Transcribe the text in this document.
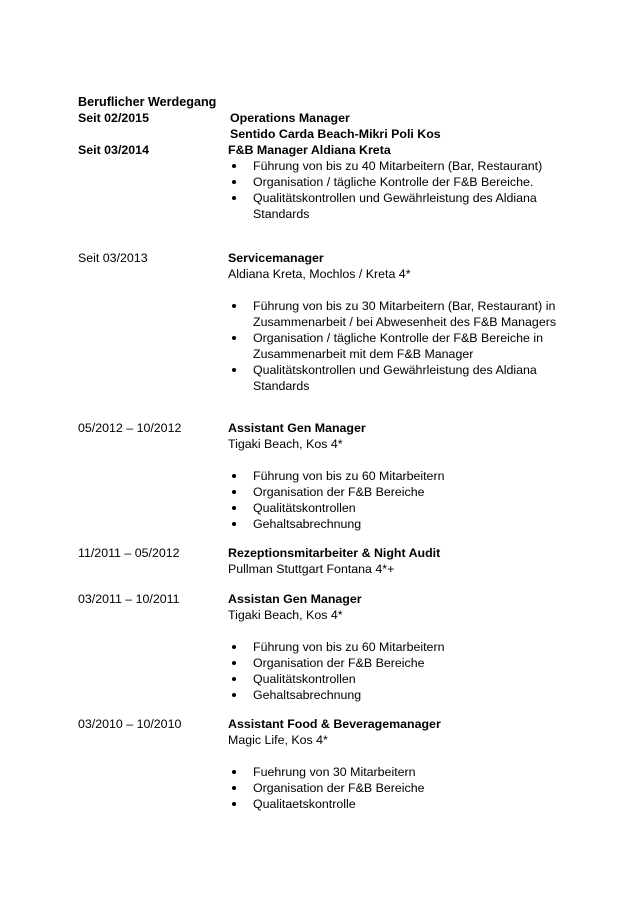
Beruflicher Werdegang
Seit 02/2015	Operations Manager
Sentido Carda Beach-Mikri Poli Kos
Seit 03/2014	F&B Manager Aldiana Kreta
Führung von bis zu 40 Mitarbeitern (Bar, Restaurant)
Organisation / tägliche Kontrolle der F&B Bereiche.
Qualitätskontrollen und Gewährleistung des Aldiana Standards
Seit 03/2013	Servicemanager
Aldiana Kreta, Mochlos / Kreta 4*
Führung von bis zu 30 Mitarbeitern (Bar, Restaurant) in Zusammenarbeit / bei Abwesenheit des F&B Managers
Organisation / tägliche Kontrolle der F&B Bereiche in Zusammenarbeit mit dem F&B Manager
Qualitätskontrollen und Gewährleistung des Aldiana Standards
05/2012 – 10/2012	Assistant Gen Manager
Tigaki Beach, Kos 4*
Führung von bis zu 60 Mitarbeitern
Organisation der F&B Bereiche
Qualitätskontrollen
Gehaltsabrechnung
11/2011 – 05/2012	Rezeptionsmitarbeiter & Night Audit
Pullman Stuttgart Fontana 4*+
03/2011 – 10/2011	Assistan Gen Manager
Tigaki Beach, Kos 4*
Führung von bis zu 60 Mitarbeitern
Organisation der F&B Bereiche
Qualitätskontrollen
Gehaltsabrechnung
03/2010 – 10/2010	Assistant Food & Beveragemanager
Magic Life, Kos 4*
Fuehrung von 30 Mitarbeitern
Organisation der F&B Bereiche
Qualitaetskontrolle
